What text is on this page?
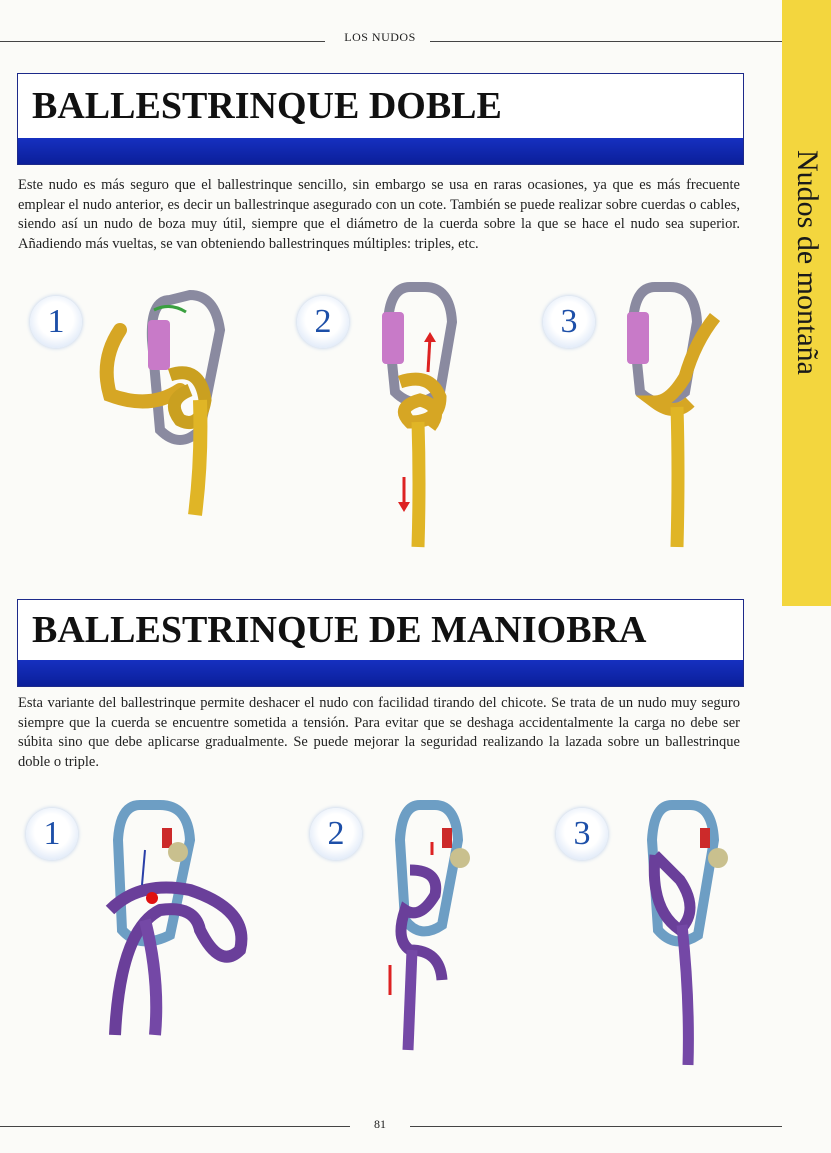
LOS NUDOS
Nudos de montaña
BALLESTRINQUE DOBLE
Este nudo es más seguro que el ballestrinque sencillo, sin embargo se usa en raras ocasiones, ya que es más frecuente emplear el nudo anterior, es decir un ballestrinque asegurado con un cote. También se puede realizar sobre cuerdas o cables, siendo así un nudo de boza muy útil, siempre que el diámetro de la cuerda sobre la que se hace el nudo sea superior. Añadiendo más vueltas, se van obteniendo ballestrinques múltiples: triples, etc.
1	2	3
BALLESTRINQUE DE MANIOBRA
Esta variante del ballestrinque permite deshacer el nudo con facilidad tirando del chicote. Se trata de un nudo muy seguro siempre que la cuerda se encuentre sometida a tensión. Para evitar que se deshaga accidentalmente la carga no debe ser súbita sino que debe aplicarse gradualmente. Se puede mejorar la seguridad realizando la lazada sobre un ballestrinque doble o triple.
1	2	3
81
